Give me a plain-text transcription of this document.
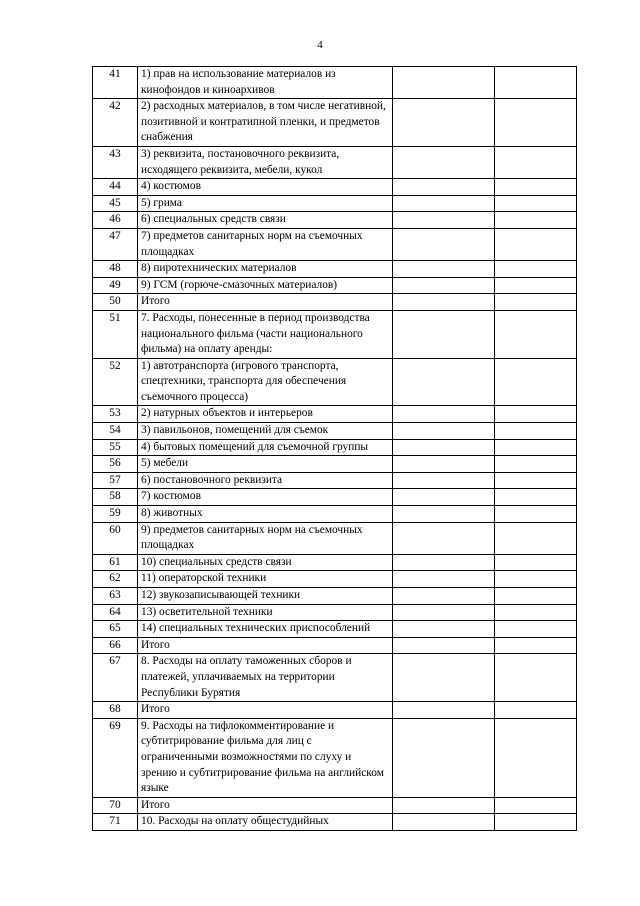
4
41	1) прав на использование материалов из кинофондов и киноархивов		
42	2) расходных материалов, в том числе негативной, позитивной и контратипной пленки, и предметов снабжения		
43	3) реквизита, постановочного реквизита, исходящего реквизита, мебели, кукол		
44	4) костюмов		
45	5) грима		
46	6) специальных средств связи		
47	7) предметов санитарных норм на съемочных площадках		
48	8) пиротехнических материалов		
49	9) ГСМ (горюче-смазочных материалов)		
50	Итого		
51	7. Расходы, понесенные в период производства национального фильма (части национального фильма) на оплату аренды:		
52	1) автотранспорта (игрового транспорта, спецтехники, транспорта для обеспечения съемочного процесса)		
53	2) натурных объектов и интерьеров		
54	3) павильонов, помещений для съемок		
55	4) бытовых помещений для съемочной группы		
56	5) мебели		
57	6) постановочного реквизита		
58	7) костюмов		
59	8) животных		
60	9) предметов санитарных норм на съемочных площадках		
61	10) специальных средств связи		
62	11) операторской техники		
63	12) звукозаписывающей техники		
64	13) осветительной техники		
65	14) специальных технических приспособлений		
66	Итого		
67	8. Расходы на оплату таможенных сборов и платежей, уплачиваемых на территории Республики Бурятия		
68	Итого		
69	9. Расходы на тифлокомментирование и субтитрирование фильма для лиц с ограниченными возможностями по слуху и зрению и субтитрирование фильма на английском языке		
70	Итого		
71	10. Расходы на оплату общестудийных		
